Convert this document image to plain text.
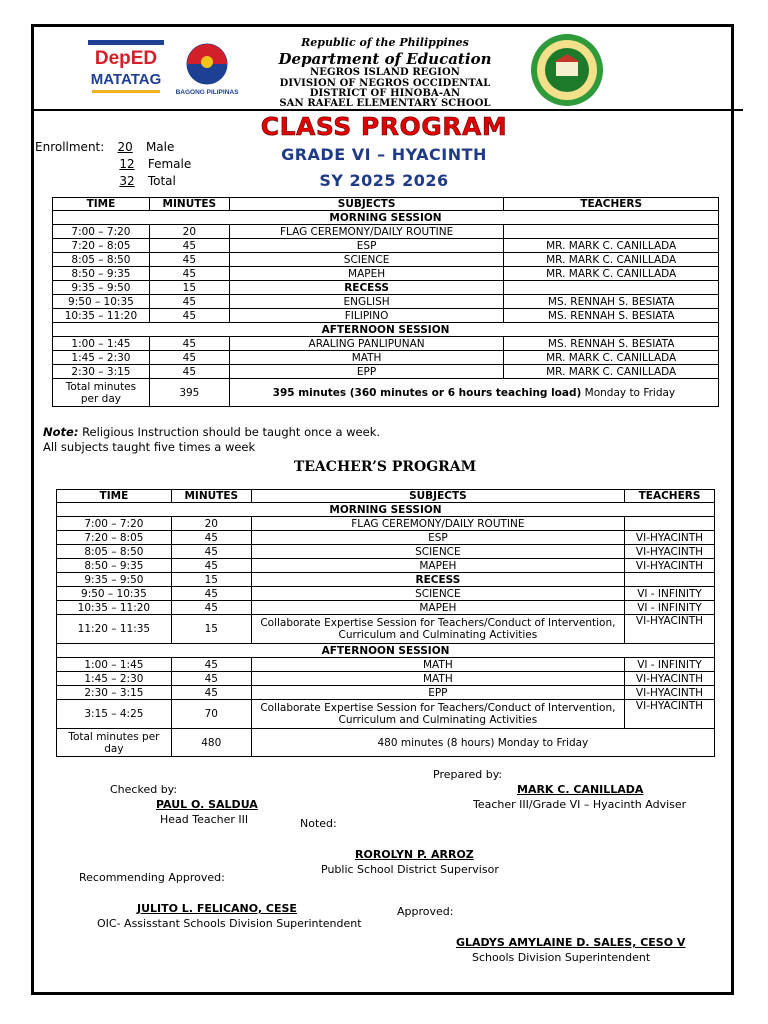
DepED
MATATAG
BAGONG PILIPINAS
Republic of the Philippines
Department of Education
NEGROS ISLAND REGION
DIVISION OF NEGROS OCCIDENTAL
DISTRICT OF HINOBA-AN
SAN RAFAEL ELEMENTARY SCHOOL
CLASS PROGRAM
GRADE VI – HYACINTH
SY 2025 2026
Enrollment: 20 Male
12 Female
32 Total
TIME	MINUTES	SUBJECTS	TEACHERS
MORNING SESSION			
7:00 – 7:20	20	FLAG CEREMONY/DAILY ROUTINE	
7:20 – 8:05	45	ESP	MR. MARK C. CANILLADA
8:05 – 8:50	45	SCIENCE	MR. MARK C. CANILLADA
8:50 – 9:35	45	MAPEH	MR. MARK C. CANILLADA
9:35 – 9:50	15	RECESS	
9:50 – 10:35	45	ENGLISH	MS. RENNAH S. BESIATA
10:35 – 11:20	45	FILIPINO	MS. RENNAH S. BESIATA
AFTERNOON SESSION			
1:00 – 1:45	45	ARALING PANLIPUNAN	MS. RENNAH S. BESIATA
1:45 – 2:30	45	MATH	MR. MARK C. CANILLADA
2:30 – 3:15	45	EPP	MR. MARK C. CANILLADA
Total minutes per day	395	395 minutes (360 minutes or 6 hours teaching load) Monday to Friday	
Note: Religious Instruction should be taught once a week.
All subjects taught five times a week
TEACHER’S PROGRAM
TIME	MINUTES	SUBJECTS	TEACHERS
MORNING SESSION			
7:00 – 7:20	20	FLAG CEREMONY/DAILY ROUTINE	
7:20 – 8:05	45	ESP	VI-HYACINTH
8:05 – 8:50	45	SCIENCE	VI-HYACINTH
8:50 – 9:35	45	MAPEH	VI-HYACINTH
9:35 – 9:50	15	RECESS	
9:50 – 10:35	45	SCIENCE	VI - INFINITY
10:35 – 11:20	45	MAPEH	VI - INFINITY
11:20 – 11:35	15	Collaborate Expertise Session for Teachers/Conduct of Intervention, Curriculum and Culminating Activities	VI-HYACINTH
AFTERNOON SESSION			
1:00 – 1:45	45	MATH	VI - INFINITY
1:45 – 2:30	45	MATH	VI-HYACINTH
2:30 – 3:15	45	EPP	VI-HYACINTH
3:15 – 4:25	70	Collaborate Expertise Session for Teachers/Conduct of Intervention, Curriculum and Culminating Activities	VI-HYACINTH
Total minutes per day	480	480 minutes (8 hours) Monday to Friday	
Prepared by:
MARK C. CANILLADA
Teacher III/Grade VI – Hyacinth Adviser
Checked by:
PAUL O. SALDUA
Head Teacher III	Noted:
ROROLYN P. ARROZ
Public School District Supervisor
Recommending Approved:
JULITO L. FELICANO, CESE
OIC- Assisstant Schools Division Superintendent
Approved:
GLADYS AMYLAINE D. SALES, CESO V
Schools Division Superintendent
